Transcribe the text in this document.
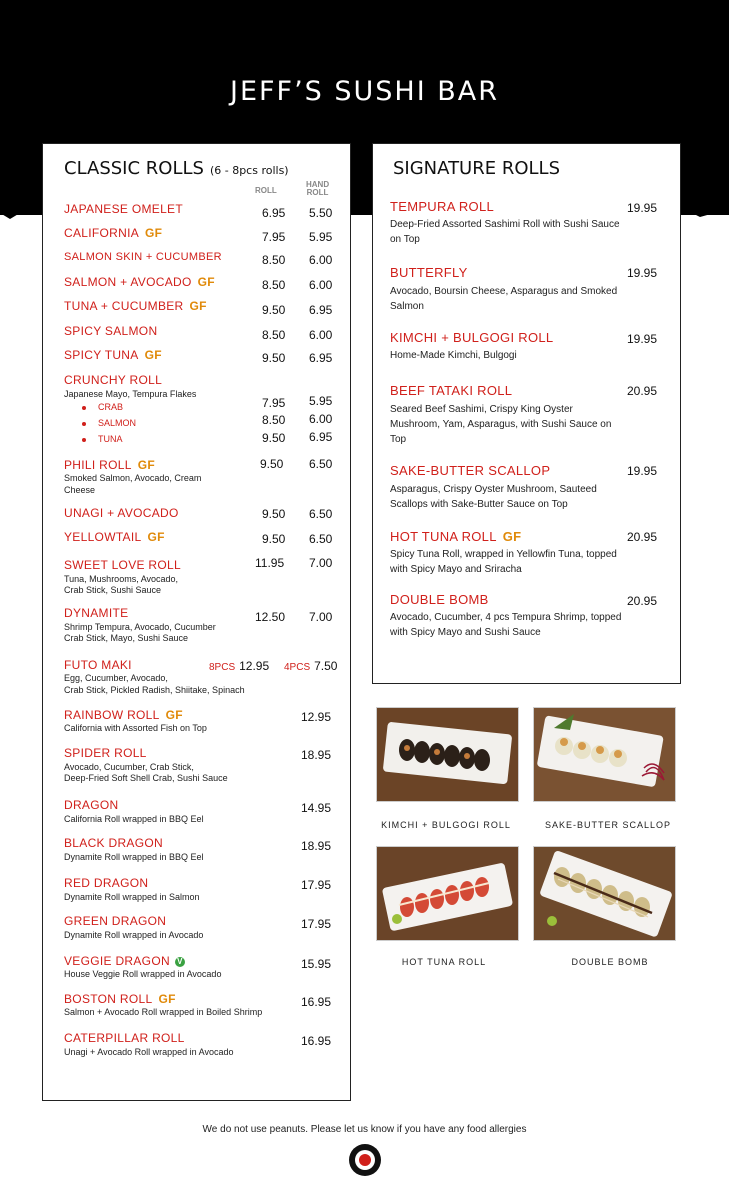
JEFF’S SUSHI BAR
CLASSIC ROLLS (6 - 8pcs rolls)
ROLL
HAND
ROLL
JAPANESE OMELET	6.95 5.50
CALIFORNIA GF	7.95 5.95
SALMON SKIN + CUCUMBER	8.50 6.00
SALMON + AVOCADO GF	8.50 6.00
TUNA + CUCUMBER GF	9.50 6.95
SPICY SALMON	8.50 6.00
SPICY TUNA GF	9.50 6.95
CRUNCHY ROLL
Japanese Mayo, Tempura Flakes
CRAB	7.95 5.95
SALMON	8.50 6.00
TUNA	9.50 6.95
PHILI ROLL GF
Smoked Salmon, Avocado, Cream
Cheese
9.50 6.50
UNAGI + AVOCADO	9.50 6.50
YELLOWTAIL GF	9.50 6.50
SWEET LOVE ROLL
Tuna, Mushrooms, Avocado,
Crab Stick, Sushi Sauce
11.95 7.00
DYNAMITE
Shrimp Tempura, Avocado, Cucumber
Crab Stick, Mayo, Sushi Sauce
12.50 7.00
FUTO MAKI	8PCS 12.95 4PCS 7.50
Egg, Cucumber, Avocado,
Crab Stick, Pickled Radish, Shiitake, Spinach
RAINBOW ROLL GF
California with Assorted Fish on Top
12.95
SPIDER ROLL
Avocado, Cucumber, Crab Stick,
Deep-Fried Soft Shell Crab, Sushi Sauce
18.95
DRAGON
California Roll wrapped in BBQ Eel
14.95
BLACK DRAGON
Dynamite Roll wrapped in BBQ Eel
18.95
RED DRAGON
Dynamite Roll wrapped in Salmon
17.95
GREEN DRAGON
Dynamite Roll wrapped in Avocado
17.95
VEGGIE DRAGON V
House Veggie Roll wrapped in Avocado
15.95
BOSTON ROLL GF
Salmon + Avocado Roll wrapped in Boiled Shrimp
16.95
CATERPILLAR ROLL
Unagi + Avocado Roll wrapped in Avocado
16.95
SIGNATURE ROLLS
TEMPURA ROLL
Deep-Fried Assorted Sashimi Roll with Sushi Sauce on Top
19.95
BUTTERFLY
Avocado, Boursin Cheese, Asparagus and Smoked Salmon
19.95
KIMCHI + BULGOGI ROLL
Home-Made Kimchi, Bulgogi
19.95
BEEF TATAKI ROLL
Seared Beef Sashimi, Crispy King Oyster Mushroom, Yam, Asparagus, with Sushi Sauce on Top
20.95
SAKE-BUTTER SCALLOP
Asparagus, Crispy Oyster Mushroom, Sauteed Scallops with Sake-Butter Sauce on Top
19.95
HOT TUNA ROLL GF
Spicy Tuna Roll, wrapped in Yellowfin Tuna, topped with Spicy Mayo and Sriracha
20.95
DOUBLE BOMB
Avocado, Cucumber, 4 pcs Tempura Shrimp, topped with Spicy Mayo and Sushi Sauce
20.95
KIMCHI + BULGOGI ROLL	SAKE-BUTTER SCALLOP
HOT TUNA ROLL	DOUBLE BOMB
We do not use peanuts. Please let us know if you have any food allergies
